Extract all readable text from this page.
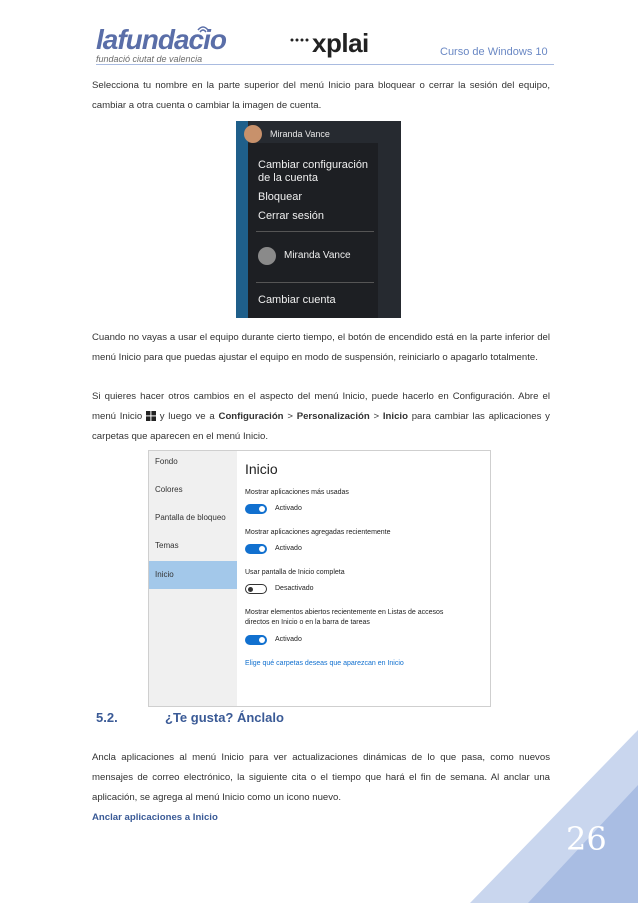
lafundacio
fundació ciutat de valencia
xplai	Curso de Windows 10

Selecciona tu nombre en la parte superior del menú Inicio para bloquear o cerrar la sesión del equipo, cambiar a otra cuenta o cambiar la imagen de cuenta.

Miranda Vance
Cambiar configuración
de la cuenta
Bloquear
Cerrar sesión
Miranda Vance
Cambiar cuenta

Cuando no vayas a usar el equipo durante cierto tiempo, el botón de encendido está en la parte inferior del menú Inicio para que puedas ajustar el equipo en modo de suspensión, reiniciarlo o apagarlo totalmente.

Si quieres hacer otros cambios en el aspecto del menú Inicio, puede hacerlo en Configuración. Abre el menú Inicio y luego ve a Configuración > Personalización > Inicio para cambiar las aplicaciones y carpetas que aparecen en el menú Inicio.

Fondo
Colores
Pantalla de bloqueo
Temas
Inicio
Inicio
Mostrar aplicaciones más usadas
Activado
Mostrar aplicaciones agregadas recientemente
Activado
Usar pantalla de Inicio completa
Desactivado
Mostrar elementos abiertos recientemente en Listas de accesos
directos en Inicio o en la barra de tareas
Activado
Elige qué carpetas deseas que aparezcan en Inicio
5.2.	¿Te gusta? Ánclalo

Ancla aplicaciones al menú Inicio para ver actualizaciones dinámicas de lo que pasa, como nuevos mensajes de correo electrónico, la siguiente cita o el tiempo que hará el fin de semana. Al anclar una aplicación, se agrega al menú Inicio como un icono nuevo.

Anclar aplicaciones a Inicio
26
